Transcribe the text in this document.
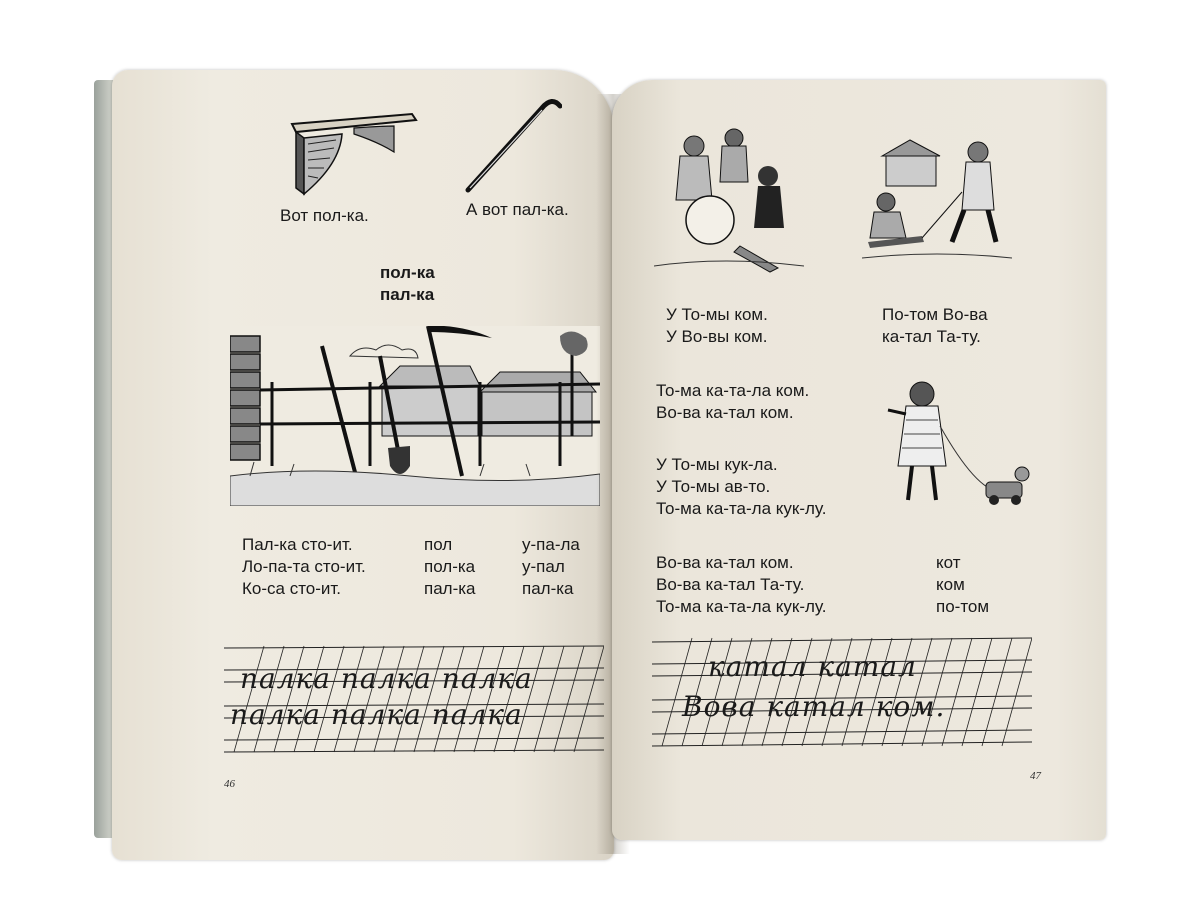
Вот пол-ка.	А вот пал-ка.
пол-ка
пал-ка
Пал-ка сто-ит.
Ло-па-та сто-ит.
Ко-са сто-ит.
пол
пол-ка
пал-ка
у-па-ла
у-пал
пал-ка
палка палка палка
палка палка палка
46
У То-мы ком.
У Во-вы ком.
По-том Во-ва
ка-тал Та-ту.
То-ма ка-та-ла ком.
Во-ва ка-тал ком.
У То-мы кук-ла.
У То-мы ав-то.
То-ма ка-та-ла кук-лу.
Во-ва ка-тал ком.
Во-ва ка-тал Та-ту.
То-ма ка-та-ла кук-лу.
кот
ком
по-том
катал катал
Вова катал ком.
47
